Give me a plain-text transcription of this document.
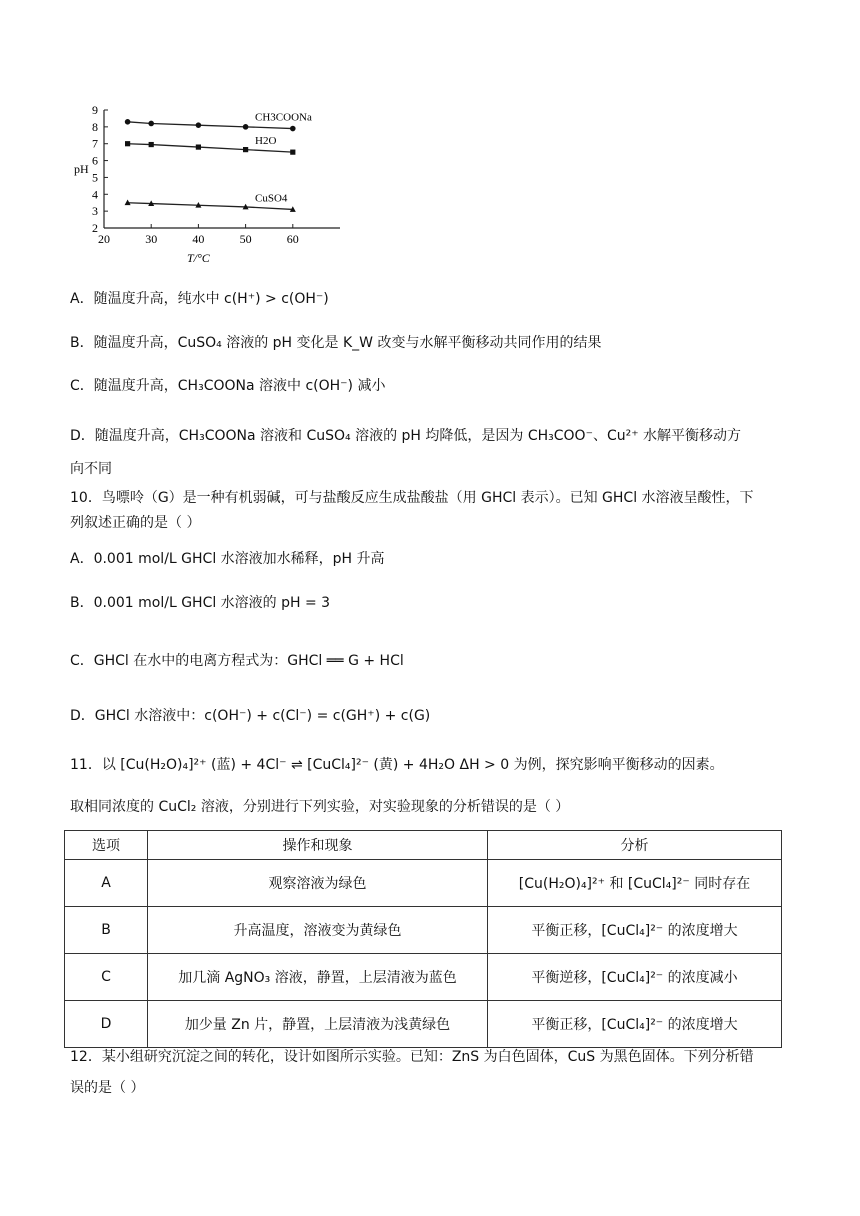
2
3
4
5
6
7
8
9
20	30	40	50	60
pH
T/°C
CH3COONa
H2O
CuSO4
A．随温度升高，纯水中 c(H⁺) > c(OH⁻)
B．随温度升高，CuSO₄ 溶液的 pH 变化是 K_W 改变与水解平衡移动共同作用的结果
C．随温度升高，CH₃COONa 溶液中 c(OH⁻) 减小
D．随温度升高，CH₃COONa 溶液和 CuSO₄ 溶液的 pH 均降低，是因为 CH₃COO⁻、Cu²⁺ 水解平衡移动方
向不同
10．鸟嘌呤（G）是一种有机弱碱，可与盐酸反应生成盐酸盐（用 GHCl 表示）。已知 GHCl 水溶液呈酸性，下
列叙述正确的是（ ）
A．0.001 mol/L GHCl 水溶液加水稀释，pH 升高
B．0.001 mol/L GHCl 水溶液的 pH = 3
C．GHCl 在水中的电离方程式为：GHCl ══ G + HCl
D．GHCl 水溶液中：c(OH⁻) + c(Cl⁻) = c(GH⁺) + c(G)
11．以 [Cu(H₂O)₄]²⁺ (蓝) + 4Cl⁻ ⇌ [CuCl₄]²⁻ (黄) + 4H₂O ΔH > 0 为例，探究影响平衡移动的因素。
取相同浓度的 CuCl₂ 溶液，分别进行下列实验，对实验现象的分析错误的是（ ）
选项	操作和现象	分析
A	观察溶液为绿色	[Cu(H₂O)₄]²⁺ 和 [CuCl₄]²⁻ 同时存在
B	升高温度，溶液变为黄绿色	平衡正移，[CuCl₄]²⁻ 的浓度增大
C	加几滴 AgNO₃ 溶液，静置，上层清液为蓝色	平衡逆移，[CuCl₄]²⁻ 的浓度减小
D	加少量 Zn 片，静置，上层清液为浅黄绿色	平衡正移，[CuCl₄]²⁻ 的浓度增大
12．某小组研究沉淀之间的转化，设计如图所示实验。已知：ZnS 为白色固体，CuS 为黑色固体。下列分析错
误的是（ ）
